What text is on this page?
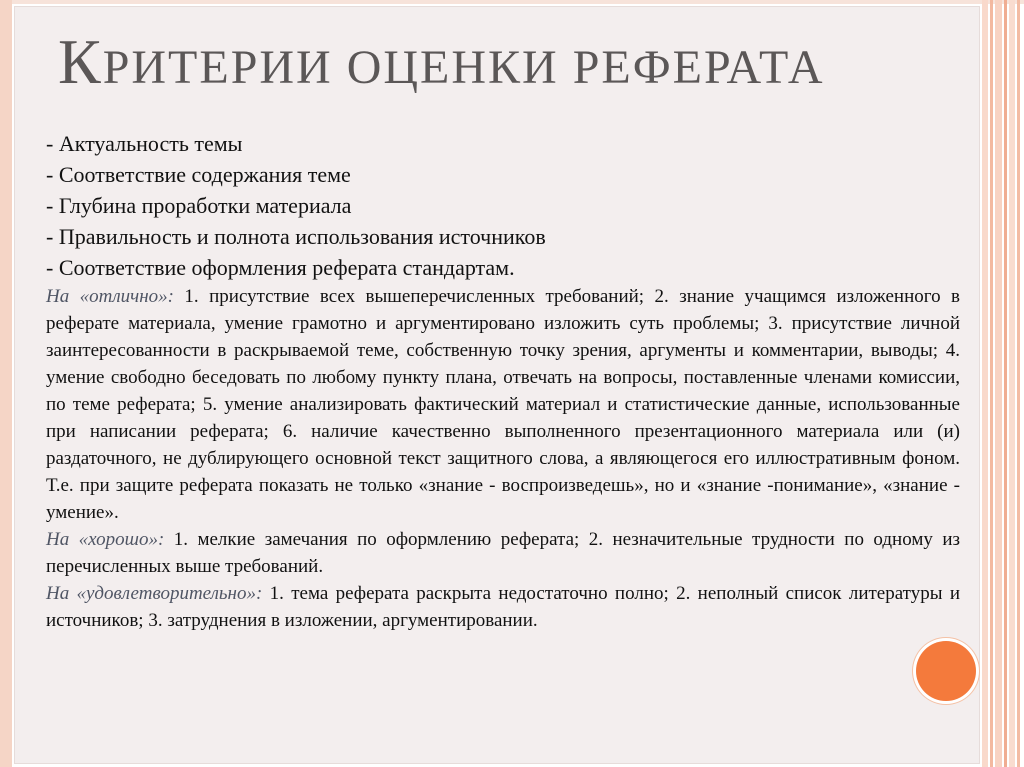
КРИТЕРИИ ОЦЕНКИ РЕФЕРАТА
- Актуальность темы
- Соответствие содержания теме
- Глубина проработки материала
- Правильность и полнота использования источников
- Соответствие оформления реферата стандартам.

На «отлично»: 1. присутствие всех вышеперечисленных требований; 2. знание учащимся изложенного в реферате материала, умение грамотно и аргументировано изложить суть проблемы; 3. присутствие личной заинтересованности в раскрываемой теме, собственную точку зрения, аргументы и комментарии, выводы; 4. умение свободно беседовать по любому пункту плана, отвечать на вопросы, поставленные членами комиссии, по теме реферата; 5. умение анализировать фактический материал и статистические данные, использованные при написании реферата; 6. наличие качественно выполненного презентационного материала или (и) раздаточного, не дублирующего основной текст защитного слова, а являющегося его иллюстративным фоном. Т.е. при защите реферата показать не только «знание - воспроизведешь», но и «знание -понимание», «знание - умение».

На «хорошо»: 1. мелкие замечания по оформлению реферата; 2. незначительные трудности по одному из перечисленных выше требований.

На «удовлетворительно»: 1. тема реферата раскрыта недостаточно полно; 2. неполный список литературы и источников; 3. затруднения в изложении, аргументировании.
